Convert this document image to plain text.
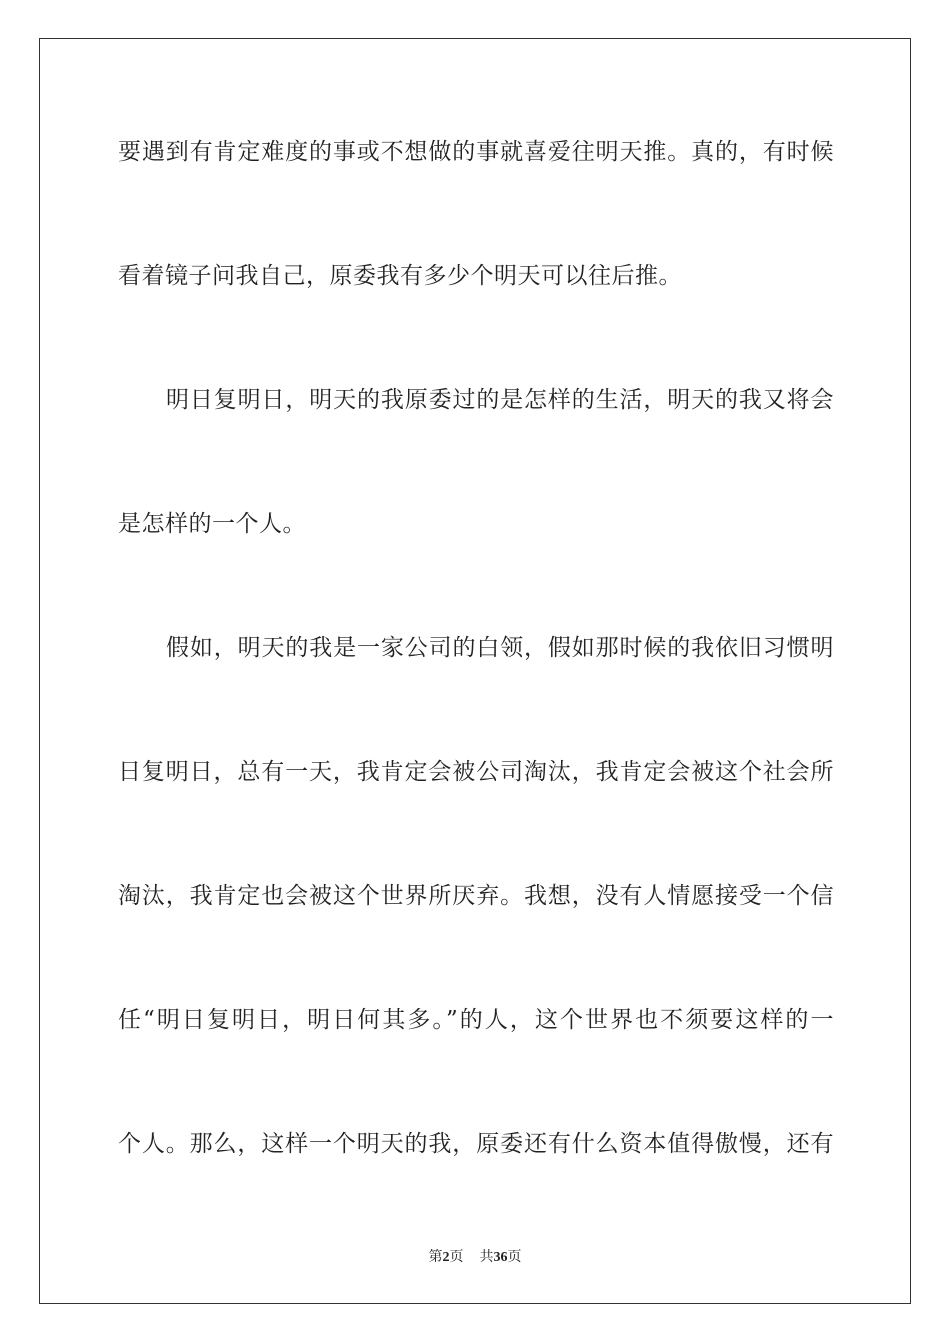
要遇到有肯定难度的事或不想做的事就喜爱往明天推。真的，有时候
看着镜子问我自己，原委我有多少个明天可以往后推。
明日复明日，明天的我原委过的是怎样的生活，明天的我又将会
是怎样的一个人。
假如，明天的我是一家公司的白领，假如那时候的我依旧习惯明
日复明日，总有一天，我肯定会被公司淘汰，我肯定会被这个社会所
淘汰，我肯定也会被这个世界所厌弃。我想，没有人情愿接受一个信
任“明日复明日，明日何其多。”的人，这个世界也不须要这样的一
个人。那么，这样一个明天的我，原委还有什么资本值得傲慢，还有
第2页 共36页
